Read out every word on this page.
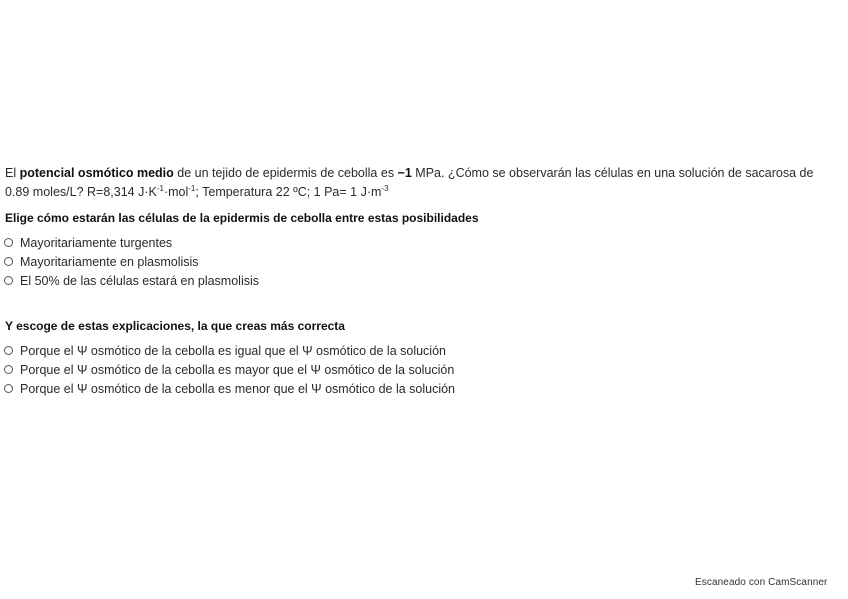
El potencial osmótico medio de un tejido de epidermis de cebolla es −1 MPa. ¿Cómo se observarán las células en una solución de sacarosa de 0.89 moles/L? R=8,314 $J\cdot K^{-1}\cdot mol^{-1}$; Temperatura 22 ºC; 1 Pa= 1 $J\cdot m^{-3}$

Elige cómo estarán las células de la epidermis de cebolla entre estas posibilidades
Mayoritariamente turgentes
Mayoritariamente en plasmolisis
El 50% de las células estará en plasmolisis
Y escoge de estas explicaciones, la que creas más correcta
Porque el Ψ osmótico de la cebolla es igual que el Ψ osmótico de la solución
Porque el Ψ osmótico de la cebolla es mayor que el Ψ osmótico de la solución
Porque el Ψ osmótico de la cebolla es menor que el Ψ osmótico de la solución
Escaneado con CamScanner
